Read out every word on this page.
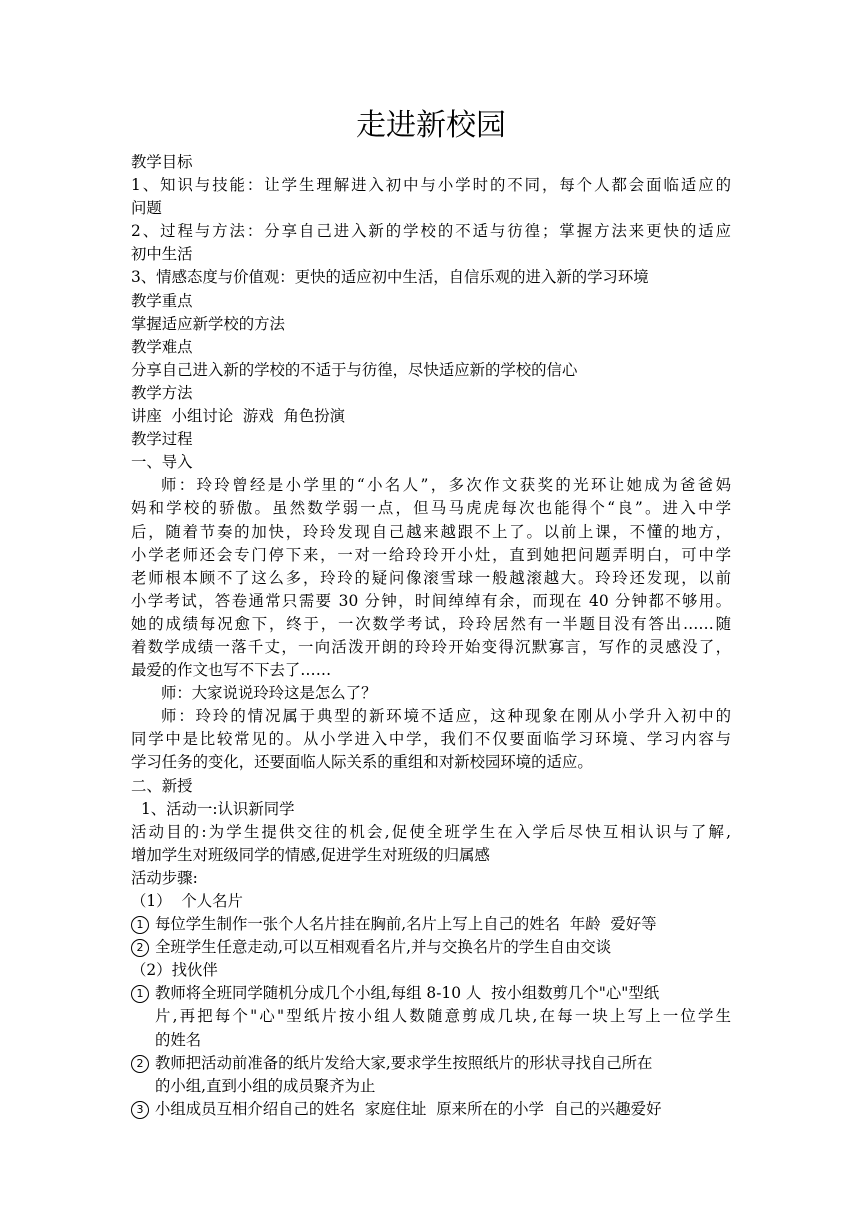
走进新校园
教学目标
1、知识与技能：让学生理解进入初中与小学时的不同，每个人都会面临适应的
问题
2、过程与方法：分享自己进入新的学校的不适与彷徨；掌握方法来更快的适应
初中生活
3、情感态度与价值观：更快的适应初中生活，自信乐观的进入新的学习环境
教学重点
掌握适应新学校的方法
教学难点
分享自己进入新的学校的不适于与彷徨，尽快适应新的学校的信心
教学方法
讲座  小组讨论  游戏  角色扮演
教学过程
一、导入
师：玲玲曾经是小学里的“小名人”，多次作文获奖的光环让她成为爸爸妈
妈和学校的骄傲。虽然数学弱一点，但马马虎虎每次也能得个“良”。进入中学
后，随着节奏的加快，玲玲发现自己越来越跟不上了。以前上课，不懂的地方，
小学老师还会专门停下来，一对一给玲玲开小灶，直到她把问题弄明白，可中学
老师根本顾不了这么多，玲玲的疑问像滚雪球一般越滚越大。玲玲还发现，以前
小学考试，答卷通常只需要 30 分钟，时间绰绰有余，而现在 40 分钟都不够用。
她的成绩每况愈下，终于，一次数学考试，玲玲居然有一半题目没有答出……随
着数学成绩一落千丈，一向活泼开朗的玲玲开始变得沉默寡言，写作的灵感没了，
最爱的作文也写不下去了……
师：大家说说玲玲这是怎么了？
师：玲玲的情况属于典型的新环境不适应，这种现象在刚从小学升入初中的
同学中是比较常见的。从小学进入中学，我们不仅要面临学习环境、学习内容与
学习任务的变化，还要面临人际关系的重组和对新校园环境的适应。
二、新授
1、活动一:认识新同学
活动目的:为学生提供交往的机会,促使全班学生在入学后尽快互相认识与了解,
增加学生对班级同学的情感,促进学生对班级的归属感
活动步骤:
（1）  个人名片
1 每位学生制作一张个人名片挂在胸前,名片上写上自己的姓名  年龄  爱好等
2 全班学生任意走动,可以互相观看名片,并与交换名片的学生自由交谈
（2）找伙伴
1 教师将全班同学随机分成几个小组,每组 8-10 人  按小组数剪几个"心"型纸
片,再把每个"心"型纸片按小组人数随意剪成几块,在每一块上写上一位学生
的姓名
2 教师把活动前准备的纸片发给大家,要求学生按照纸片的形状寻找自己所在
的小组,直到小组的成员聚齐为止
3 小组成员互相介绍自己的姓名  家庭住址  原来所在的小学  自己的兴趣爱好
